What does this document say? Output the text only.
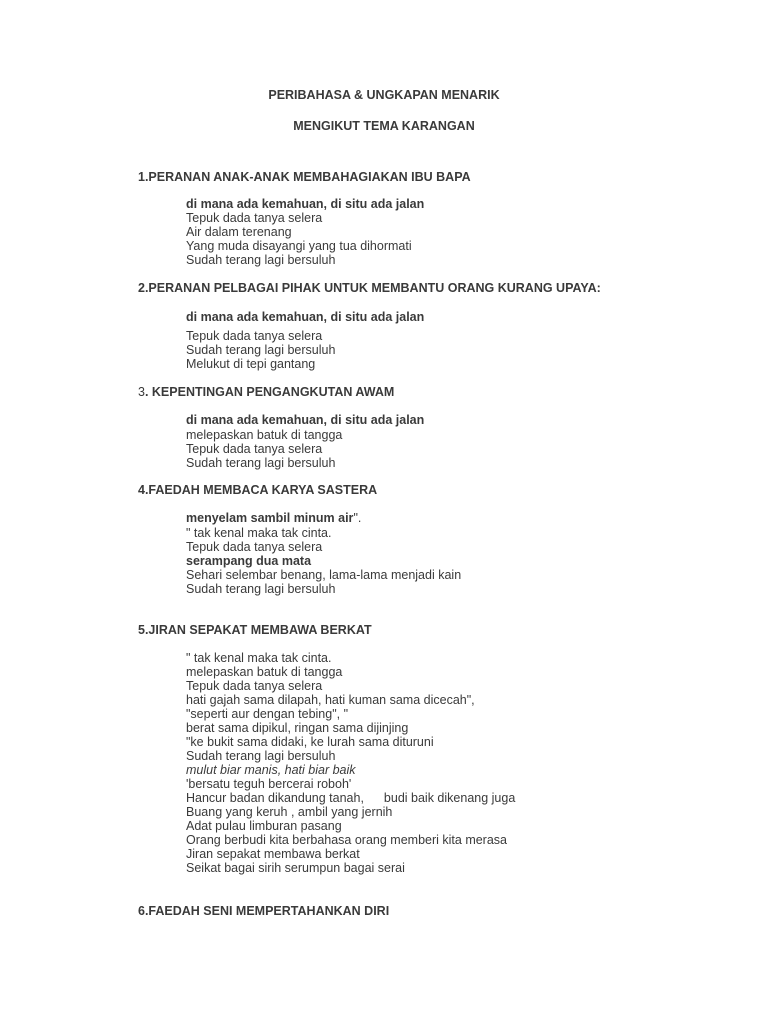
PERIBAHASA & UNGKAPAN MENARIK
MENGIKUT TEMA KARANGAN
1.PERANAN ANAK-ANAK MEMBAHAGIAKAN IBU BAPA
di mana ada kemahuan, di situ ada jalan
Tepuk dada tanya selera
Air dalam terenang
Yang muda disayangi yang tua dihormati
Sudah terang lagi bersuluh
2.PERANAN PELBAGAI PIHAK UNTUK MEMBANTU ORANG KURANG UPAYA:
di mana ada kemahuan, di situ ada jalan
Tepuk dada tanya selera
Sudah terang lagi bersuluh
Melukut di tepi gantang
3. KEPENTINGAN PENGANGKUTAN AWAM
di mana ada kemahuan, di situ ada jalan
melepaskan batuk di tangga
Tepuk dada tanya selera
Sudah terang lagi bersuluh
4.FAEDAH MEMBACA KARYA SASTERA
menyelam sambil minum air".
" tak kenal maka tak cinta.
Tepuk dada tanya selera
serampang dua mata
Sehari selembar benang, lama-lama menjadi kain
Sudah terang lagi bersuluh
5.JIRAN SEPAKAT MEMBAWA BERKAT
" tak kenal maka tak cinta.
melepaskan batuk di tangga
Tepuk dada tanya selera
hati gajah sama dilapah, hati kuman sama dicecah",
"seperti aur dengan tebing", "
berat sama dipikul, ringan sama dijinjing
"ke bukit sama didaki, ke lurah sama dituruni
Sudah terang lagi bersuluh
mulut biar manis, hati biar baik
'bersatu teguh bercerai roboh'
Hancur badan dikandung tanah, budi baik dikenang juga
Buang yang keruh , ambil yang jernih
Adat pulau limburan pasang
Orang berbudi kita berbahasa orang memberi kita merasa
Jiran sepakat membawa berkat
Seikat bagai sirih serumpun bagai serai
6.FAEDAH SENI MEMPERTAHANKAN DIRI
